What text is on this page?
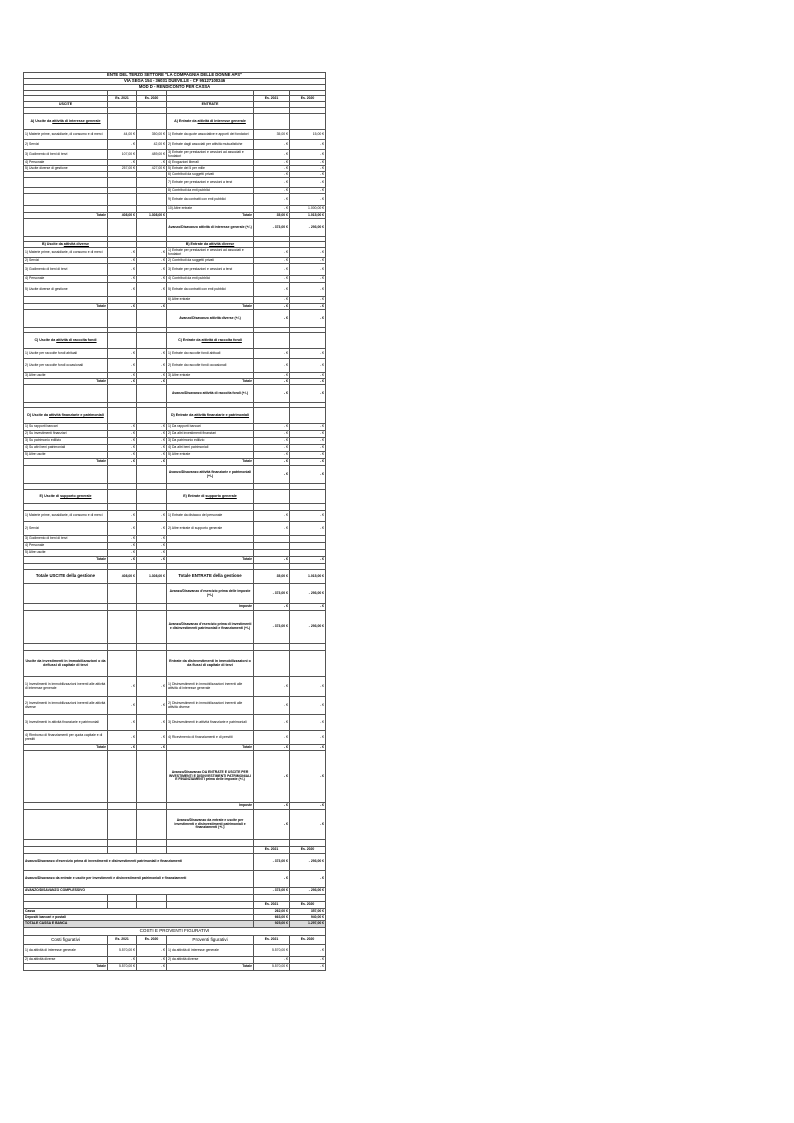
ENTE DEL TERZO SETTORE "LA COMPAGNIA DELLE DONNE APS"					
VIA SEGA 154 - 36031 DUEVILLE - CF 95127100246					
MOD D - RENDICONTO PER CASSA					

	Es. 2021	Es. 2020		Es. 2021	Es. 2020
USCITE			ENTRATE		

A) Uscite da attività di interesse generale			A) Entrate da attività di interesse generale		
1) Materie prime, sussidiarie, di consumo e di merci	44,00 €	350,00 €	1) Entrate da quote associative e apporti dei fondatori	35,00 €	15,00 €
2) Servizi	- €	42,00 €	2) Entrate dagli associati per attività mutualistiche	- €	- €
3) Godimento di beni di terzi	107,00 €	489,00 €	3) Entrate per prestazioni e cessioni ad associati e fondatori	- €	- €
4) Personale	- €	- €	4) Erogazioni liberali	- €	- €
5) Uscite diverse di gestione	257,00 €	427,00 €	5) Entrate del 5 per mille	- €	- €
			6) Contributi da soggetti privati	- €	- €
			7) Entrate per prestazioni e cessioni a terzi	- €	- €
			8) Contributi da enti pubblici	- €	- €
			9) Entrate da contratti con enti pubblici	- €	- €
			10) Altre entrate	- €	1.000,00 €
Totale	408,00 €	1.308,00 €	Totale	35,00 €	1.015,00 €
			Avanzo/Disavanzo attività di interesse generale (+/-)	- 373,00 €	- 293,00 €

B) Uscite da attività diverse			B) Entrate da attività diverse		
1) Materie prime, sussidiarie, di consumo e di merci	- €	- €	1) Entrate per prestazioni e cessioni ad associati e fondatori	- €	- €
2) Servizi	- €	- €	2) Contributi da soggetti privati	- €	- €
3) Godimento di beni di terzi	- €	- €	3) Entrate per prestazioni e cessioni a terzi	- €	- €
4) Personale	- €	- €	4) Contributi da enti pubblici	- €	- €
5) Uscite diverse di gestione	- €	- €	5) Entrate da contratti con enti pubblici	- €	- €
			6) Altre entrate	- €	- €
Totale	- €	- €	Totale	- €	- €
			Avanzo/Disavanzo attività diverse (+/-)	- €	- €

C) Uscite da attività di raccolta fondi			C) Entrate da attività di raccolta fondi		
1) Uscite per raccolte fondi abituali	- €	- €	1) Entrate da raccolte fondi abituali	- €	- €
2) Uscite per raccolte fondi occasionali	- €	- €	2) Entrate da raccolte fondi occasionali	- €	- €
3) Altre uscite	- €	- €	3) Altre entrate	- €	- €
Totale	- €	- €	Totale	- €	- €
			Avanzo/Disavanzo attività di raccolta fondi (+/-)	- €	- €

D) Uscite da attività finanziarie e patrimoniali			D) Entrate da attività finanziarie e patrimoniali		
1) Su rapporti bancari	- €	- €	1) Da rapporti bancari	- €	- €
2) Su investimenti finanziari	- €	- €	2) Da altri investimenti finanziari	- €	- €
3) Su patrimonio edilizio	- €	- €	3) Da patrimonio edilizio	- €	- €
4) Su altri beni patrimoniali	- €	- €	4) Da altri beni patrimoniali	- €	- €
5) Altre uscite	- €	- €	5) Altre entrate	- €	- €
Totale	- €	- €	Totale	- €	- €
			Avanzo/Disavanzo attività finanziarie e patrimoniali (+/-)	- €	- €

E) Uscite di supporto generale			E) Entrate di supporto generale		

1) Materie prime, sussidiarie, di consumo e di merci	- €	- €	1) Entrate da distacco del personale	- €	- €
2) Servizi	- €	- €	2) Altre entrate di supporto generale	- €	- €
3) Godimento di beni di terzi	- €	- €			
4) Personale	- €	- €			
5) Altre uscite	- €	- €			
Totale	- €	- €	Totale	- €	- €

Totale USCITE della gestione	408,00 €	1.308,00 €	Totale ENTRATE della gestione	35,00 €	1.015,00 €
			Avanzo/Disavanzo d'esercizio prima delle imposte (+/-)	- 373,00 €	- 293,00 €
			Imposte	- €	- €
			Avanzo/Disavanzo d'esercizio prima di investimenti e disinvestimenti patrimoniali e finanziamenti (+/-)	- 373,00 €	- 293,00 €

Uscite da investimenti in immobilizzazioni o da deflussi di capitale di terzi			Entrate da disinvestimenti in immobilizzazioni o da flussi di capitale di terzi		
1) Investimenti in immobilizzazioni inerenti alle attività di interesse generale	- €	- €	1) Disinvestimenti in immobilizzazioni inerenti alle attività di interesse generale	- €	- €
2) Investimenti in immobilizzazioni inerenti alle attività diverse	- €	- €	2) Disinvestimenti in immobilizzazioni inerenti alle attività diverse	- €	- €
3) Investimenti in attività finanziarie e patrimoniali	- €	- €	3) Disinvestimenti in attività finanziarie e patrimoniali	- €	- €
4) Rimborso di finanziamenti per quota capitale e di prestiti	- €	- €	4) Ricevimento di finanziamenti e di prestiti	- €	- €
Totale	- €	- €	Totale	- €	- €
			Avanzo/Disavanzo DA ENTRATE E USCITE PER INVESTIMENTI E DISINVESTIMENTI PATRIMONIALI E FINANZIAMENTI prima delle imposte (+/-)	- €	- €
			Imposte	- €	- €
			Avanzo/Disavanzo da entrate e uscite per investimenti e disinvestimenti patrimoniali e finanziamenti (+/-)	- €	- €

				Es. 2021	Es. 2020
Avanzo/Disavanzo d'esercizio prima di investimenti e disinvestimenti patrimoniali e finanziamenti				- 373,00 €	- 293,00 €
Avanzo/Disavanzo da entrate e uscite per investimenti e disinvestimenti patrimoniali e finanziamenti				- €	- €
AVANZO/DISAVANZO COMPLESSIVO				- 373,00 €	- 293,00 €

				Es. 2021	Es. 2020
Cassa				262,00 €	357,00 €
Depositi bancari e postali				663,00 €	940,00 €
TOTALE CASSA E BANCA				925,00 €	1.297,00 €
COSTI E PROVENTI FIGURATIVI					
Costi figurativi	Es. 2021	Es. 2020	Proventi figurativi	Es. 2021	Es. 2020
1) da attività di interesse generale	5.570,00 €	- €	1) da attività di interesse generale	5.570,00 €	- €
2) da attività diverse	- €	- €	2) da attività diverse	- €	- €
Totale	5.570,00 €	- €	Totale	5.570,00 €	- €
